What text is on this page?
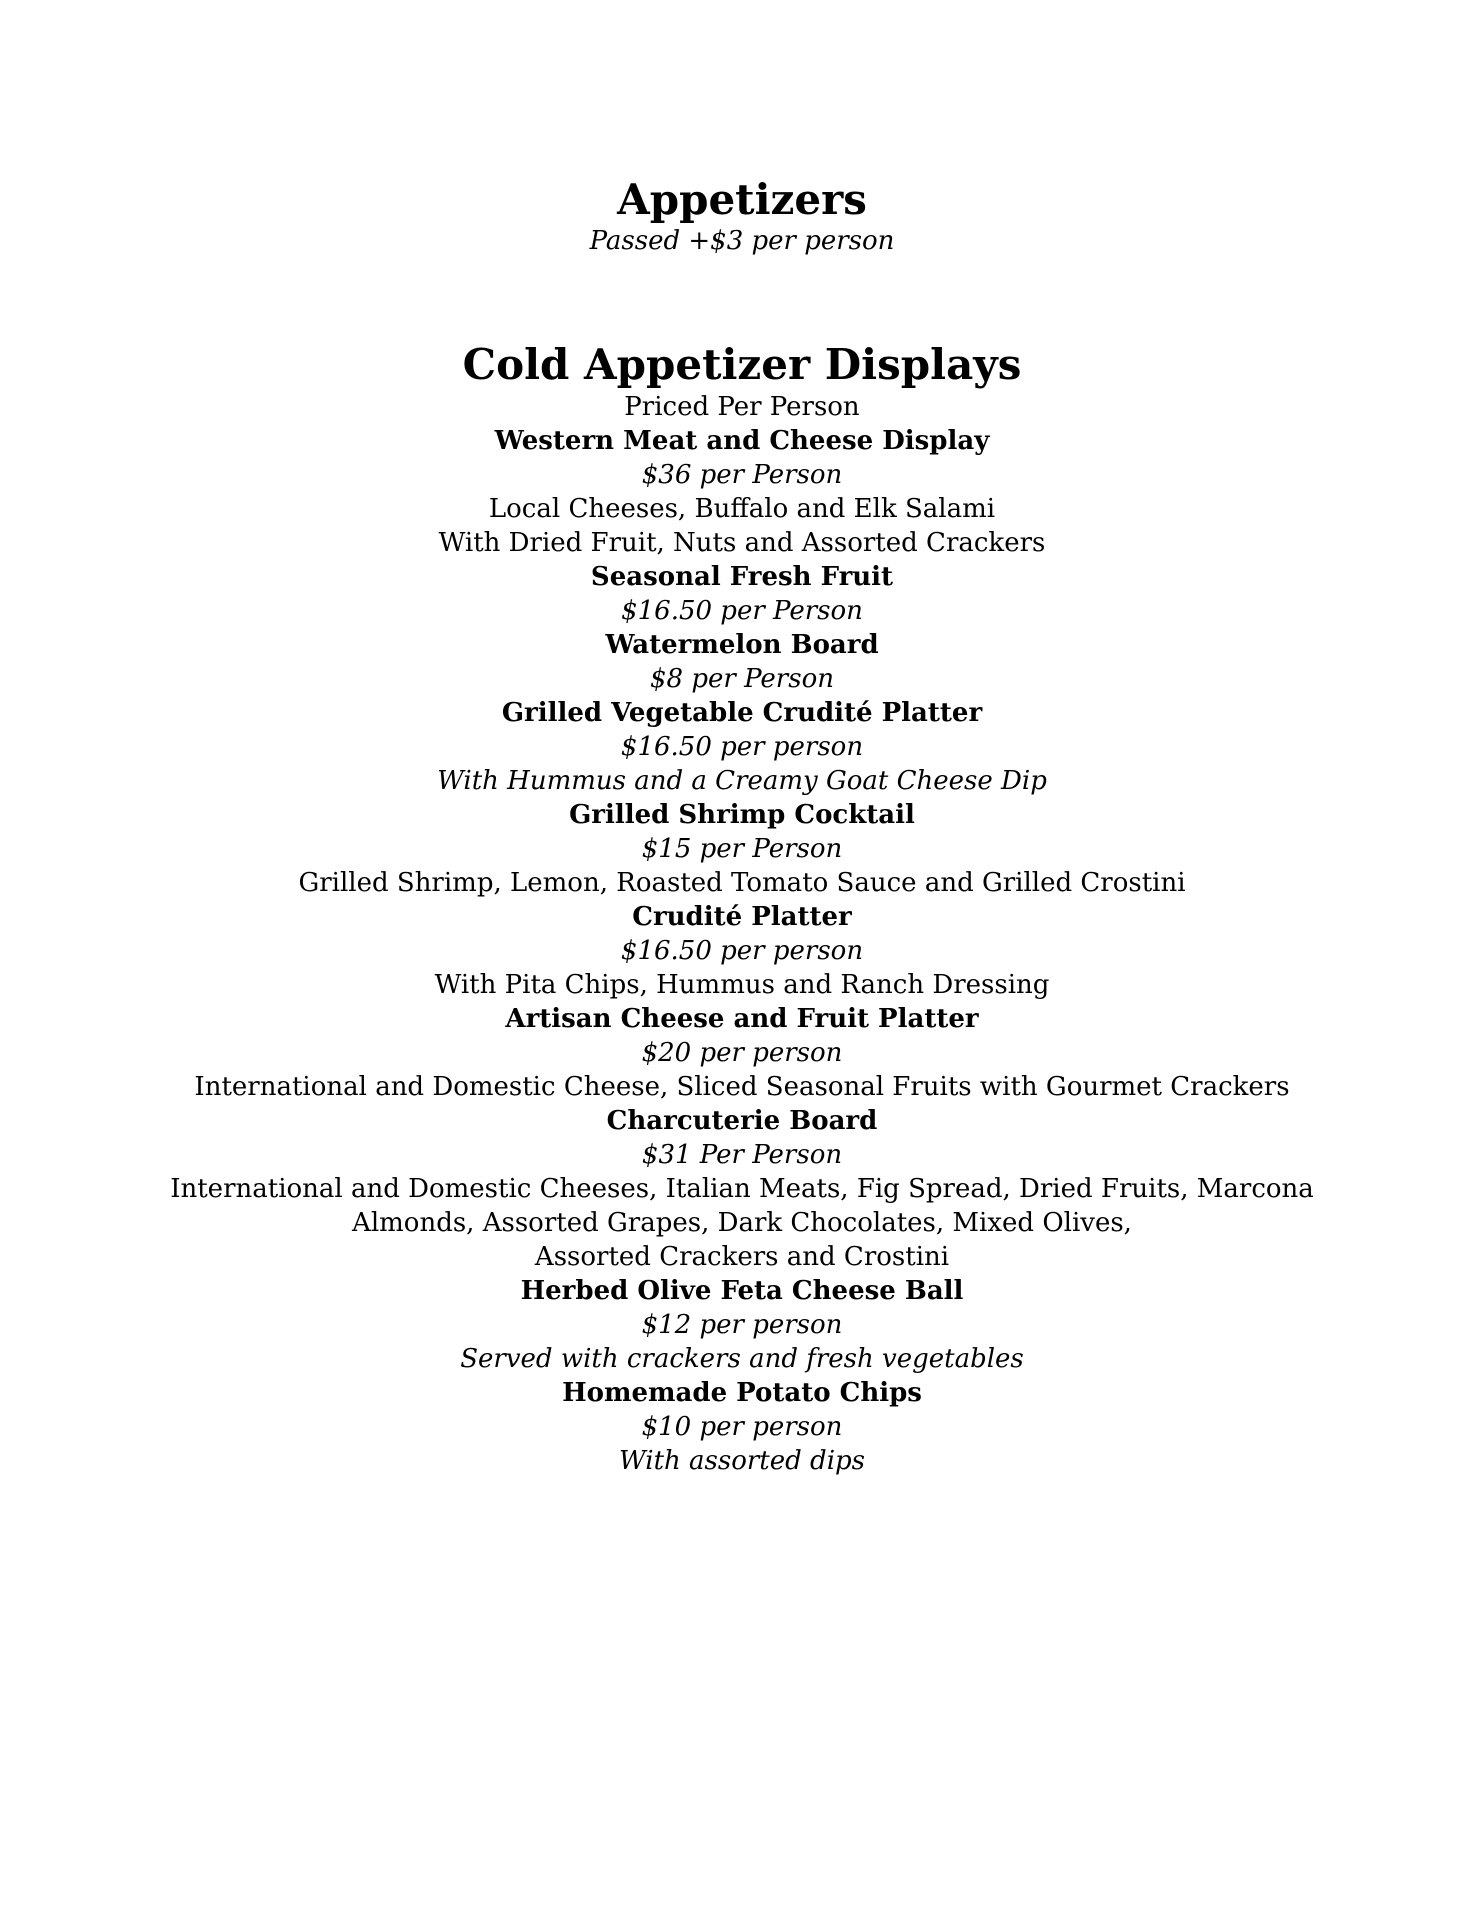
Appetizers
Passed +$3 per person
Cold Appetizer Displays
Priced Per Person
Western Meat and Cheese Display
$36 per Person
Local Cheeses, Buffalo and Elk Salami
With Dried Fruit, Nuts and Assorted Crackers
Seasonal Fresh Fruit
$16.50 per Person
Watermelon Board
$8 per Person
Grilled Vegetable Crudité Platter
$16.50 per person
With Hummus and a Creamy Goat Cheese Dip
Grilled Shrimp Cocktail
$15 per Person
Grilled Shrimp, Lemon, Roasted Tomato Sauce and Grilled Crostini
Crudité Platter
$16.50 per person
With Pita Chips, Hummus and Ranch Dressing
Artisan Cheese and Fruit Platter
$20 per person
International and Domestic Cheese, Sliced Seasonal Fruits with Gourmet Crackers
Charcuterie Board
$31 Per Person
International and Domestic Cheeses, Italian Meats, Fig Spread, Dried Fruits, Marcona
Almonds, Assorted Grapes, Dark Chocolates, Mixed Olives,
Assorted Crackers and Crostini
Herbed Olive Feta Cheese Ball
$12 per person
Served with crackers and fresh vegetables
Homemade Potato Chips
$10 per person
With assorted dips
